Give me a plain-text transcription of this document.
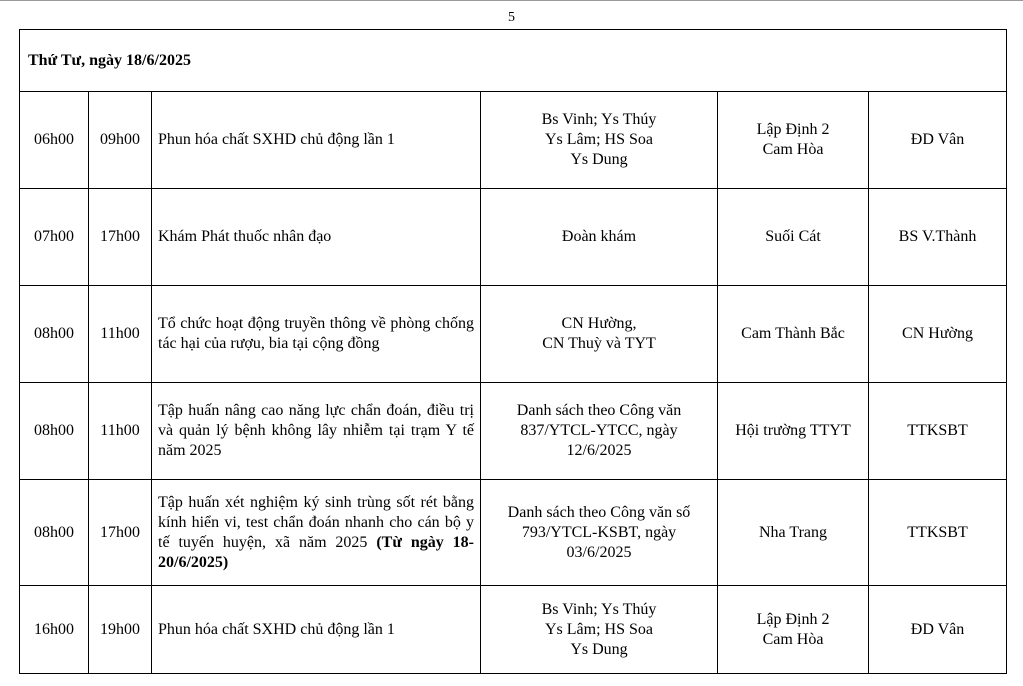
5
Thứ Tư, ngày 18/6/2025					
06h00	09h00	Phun hóa chất SXHD chủ động lần 1	Bs Vinh; Ys Thúy
Ys Lâm; HS Soa
Ys Dung	Lập Định 2
Cam Hòa	ĐD Vân
07h00	17h00	Khám Phát thuốc nhân đạo	Đoàn khám	Suối Cát	BS V.Thành
08h00	11h00	Tổ chức hoạt động truyền thông về phòng chống tác hại của rượu, bia tại cộng đồng	CN Hường,
CN Thuỳ và TYT	Cam Thành Bắc	CN Hường
08h00	11h00	Tập huấn nâng cao năng lực chẩn đoán, điều trị và quản lý bệnh không lây nhiễm tại trạm Y tế năm 2025	Danh sách theo Công văn
837/YTCL-YTCC, ngày
12/6/2025	Hội trường TTYT	TTKSBT
08h00	17h00	Tập huấn xét nghiệm ký sinh trùng sốt rét bằng kính hiển vi, test chẩn đoán nhanh cho cán bộ y tế tuyến huyện, xã năm 2025 (Từ ngày 18-20/6/2025)	Danh sách theo Công văn số
793/YTCL-KSBT, ngày
03/6/2025	Nha Trang	TTKSBT
16h00	19h00	Phun hóa chất SXHD chủ động lần 1	Bs Vinh; Ys Thúy
Ys Lâm; HS Soa
Ys Dung	Lập Định 2
Cam Hòa	ĐD Vân
